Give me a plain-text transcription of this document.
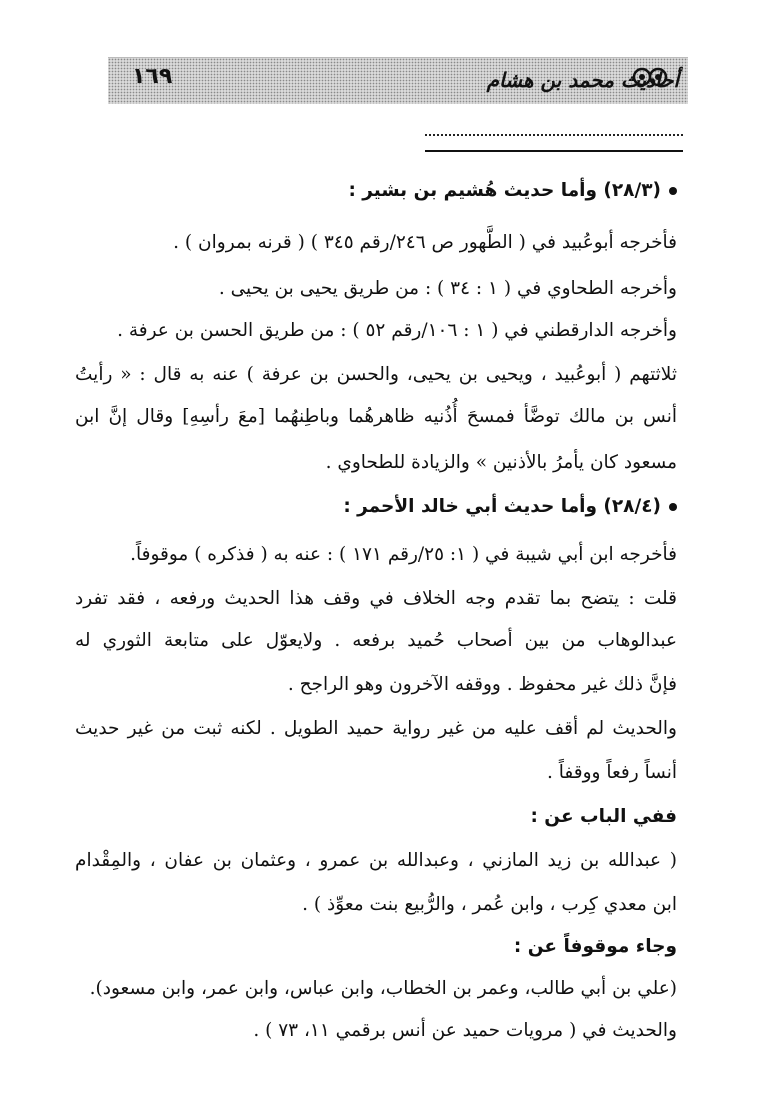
أحاديث محمد بن هشام
١٦٩
(٢٨/٣) وأما حديث هُشيم بن بشير :
فأخرجه أبوعُبيد في ( الطَّهور ص ٢٤٦/رقم ٣٤٥ ) ( قرنه بمروان ) .
وأخرجه الطحاوي في ( ١ : ٣٤ ) : من طريق يحيى بن يحيى .
وأخرجه الدارقطني في ( ١ : ١٠٦/رقم ٥٢ ) : من طريق الحسن بن عرفة .
ثلاثتهم ( أبوعُبيد ، ويحيى بن يحيى، والحسن بن عرفة ) عنه به قال : « رأيتُ
أنس بن مالك توضَّأ فمسحَ أُذُنيه ظاهرهُما وباطِنهُما [معَ رأسِهِ] وقال إنَّ ابن
مسعود كان يأمرُ بالأذنين » والزيادة للطحاوي .
(٢٨/٤) وأما حديث أبي خالد الأحمر :
فأخرجه ابن أبي شيبة في ( ١: ٢٥/رقم ١٧١ ) : عنه به ( فذكره ) موقوفاً.
قلت : يتضح بما تقدم وجه الخلاف في وقف هذا الحديث ورفعه ، فقد تفرد
عبدالوهاب من بين أصحاب حُميد برفعه . ولايعوّل على متابعة الثوري له
فإنَّ ذلك غير محفوظ . ووقفه الآخرون وهو الراجح .
والحديث لم أقف عليه من غير رواية حميد الطويل . لكنه ثبت من غير حديث
أنساً رفعاً ووقفاً .
ففي الباب عن :
( عبدالله بن زيد المازني ، وعبدالله بن عمرو ، وعثمان بن عفان ، والمِقْدام
ابن معدي كِرب ، وابن عُمر ، والرُّبيع بنت معوِّذ ) .
وجاء موقوفاً عن :
(علي بن أبي طالب، وعمر بن الخطاب، وابن عباس، وابن عمر، وابن مسعود).
والحديث في ( مرويات حميد عن أنس برقمي ١١، ٧٣ ) .
